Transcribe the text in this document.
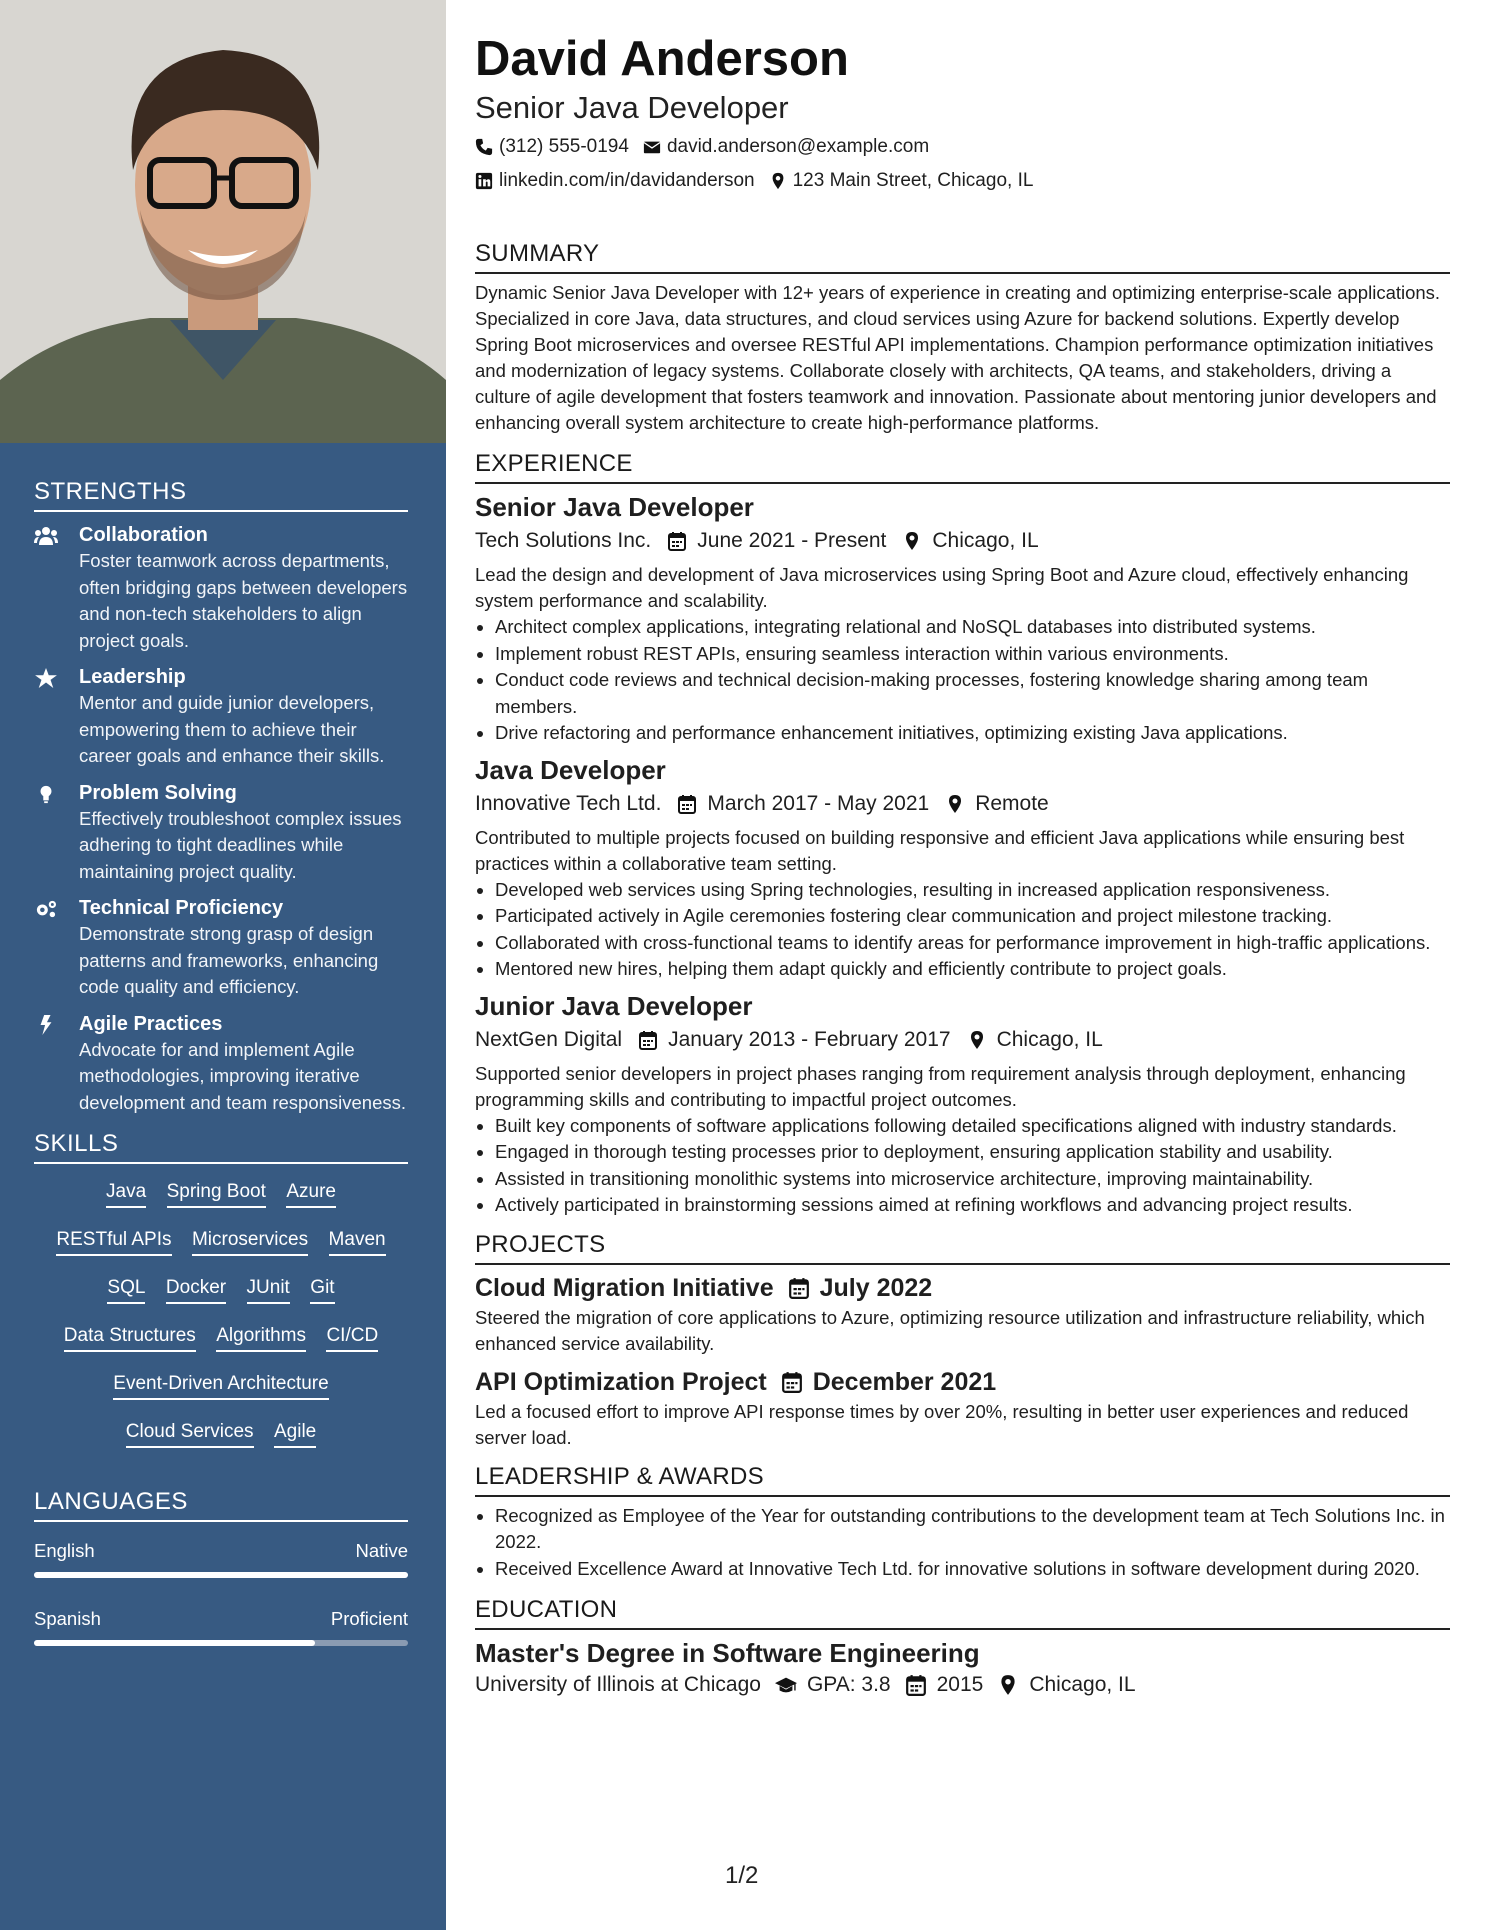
STRENGTHS
Collaboration
Foster teamwork across departments, often bridging gaps between developers and non-tech stakeholders to align project goals.
Leadership
Mentor and guide junior developers, empowering them to achieve their career goals and enhance their skills.
Problem Solving
Effectively troubleshoot complex issues adhering to tight deadlines while maintaining project quality.
Technical Proficiency
Demonstrate strong grasp of design patterns and frameworks, enhancing code quality and efficiency.
Agile Practices
Advocate for and implement Agile methodologies, improving iterative development and team responsiveness.
SKILLS
Java Spring Boot Azure
RESTful APIs Microservices Maven
SQL Docker JUnit Git
Data Structures Algorithms CI/CD
Event-Driven Architecture
Cloud Services Agile
LANGUAGES
English	Native
Spanish	Proficient
David Anderson
Senior Java Developer
(312) 555-0194 david.anderson@example.com
linkedin.com/in/davidanderson 123 Main Street, Chicago, IL
SUMMARY

Dynamic Senior Java Developer with 12+ years of experience in creating and optimizing enterprise-scale applications. Specialized in core Java, data structures, and cloud services using Azure for backend solutions. Expertly develop Spring Boot microservices and oversee RESTful API implementations. Champion performance optimization initiatives and modernization of legacy systems. Collaborate closely with architects, QA teams, and stakeholders, driving a culture of agile development that fosters teamwork and innovation. Passionate about mentoring junior developers and enhancing overall system architecture to create high-performance platforms.

EXPERIENCE
Senior Java Developer
Tech Solutions Inc. June 2021 - Present Chicago, IL

Lead the design and development of Java microservices using Spring Boot and Azure cloud, effectively enhancing system performance and scalability.

• Architect complex applications, integrating relational and NoSQL databases into distributed systems.
• Implement robust REST APIs, ensuring seamless interaction within various environments.
• Conduct code reviews and technical decision-making processes, fostering knowledge sharing among team members.
• Drive refactoring and performance enhancement initiatives, optimizing existing Java applications.
Java Developer
Innovative Tech Ltd. March 2017 - May 2021 Remote

Contributed to multiple projects focused on building responsive and efficient Java applications while ensuring best practices within a collaborative team setting.

• Developed web services using Spring technologies, resulting in increased application responsiveness.
• Participated actively in Agile ceremonies fostering clear communication and project milestone tracking.
• Collaborated with cross-functional teams to identify areas for performance improvement in high-traffic applications.
• Mentored new hires, helping them adapt quickly and efficiently contribute to project goals.
Junior Java Developer
NextGen Digital January 2013 - February 2017 Chicago, IL

Supported senior developers in project phases ranging from requirement analysis through deployment, enhancing programming skills and contributing to impactful project outcomes.

• Built key components of software applications following detailed specifications aligned with industry standards.
• Engaged in thorough testing processes prior to deployment, ensuring application stability and usability.
• Assisted in transitioning monolithic systems into microservice architecture, improving maintainability.
• Actively participated in brainstorming sessions aimed at refining workflows and advancing project results.
PROJECTS
Cloud Migration Initiative July 2022

Steered the migration of core applications to Azure, optimizing resource utilization and infrastructure reliability, which enhanced service availability.

API Optimization Project December 2021

Led a focused effort to improve API response times by over 20%, resulting in better user experiences and reduced server load.

LEADERSHIP & AWARDS
• Recognized as Employee of the Year for outstanding contributions to the development team at Tech Solutions Inc. in 2022.
• Received Excellence Award at Innovative Tech Ltd. for innovative solutions in software development during 2020.
EDUCATION
Master's Degree in Software Engineering
University of Illinois at Chicago GPA: 3.8 2015 Chicago, IL
1/2
